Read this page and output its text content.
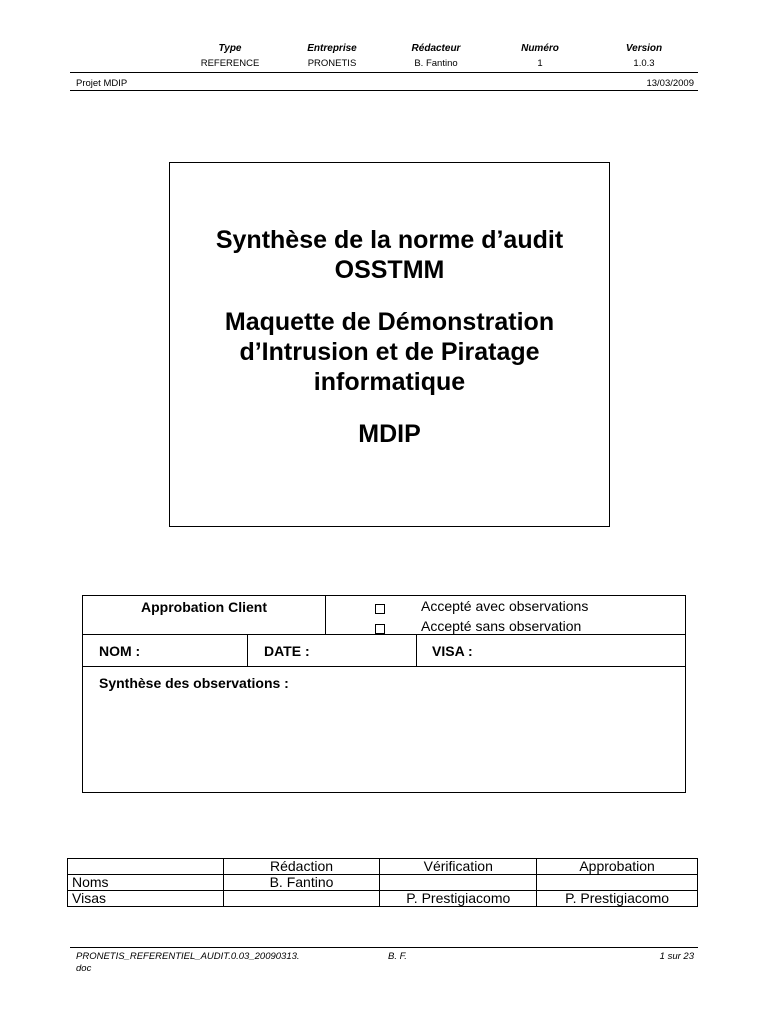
Type	Entreprise	Rédacteur	Numéro	Version
REFERENCE	PRONETIS	B. Fantino	1	1.0.3
Projet MDIP	13/03/2009

Synthèse de la norme d’audit

OSSTMM

Maquette de Démonstration

d’Intrusion et de Piratage

informatique

MDIP

Approbation Client	Accepté avec observations
Accepté sans observation
NOM :	DATE :	VISA :
Synthèse des observations :
	Rédaction	Vérification	Approbation
Noms	B. Fantino		
Visas		P. Prestigiacomo	P. Prestigiacomo
PRONETIS_REFERENTIEL_AUDIT.0.03_20090313.
doc
B. F.	1 sur 23
